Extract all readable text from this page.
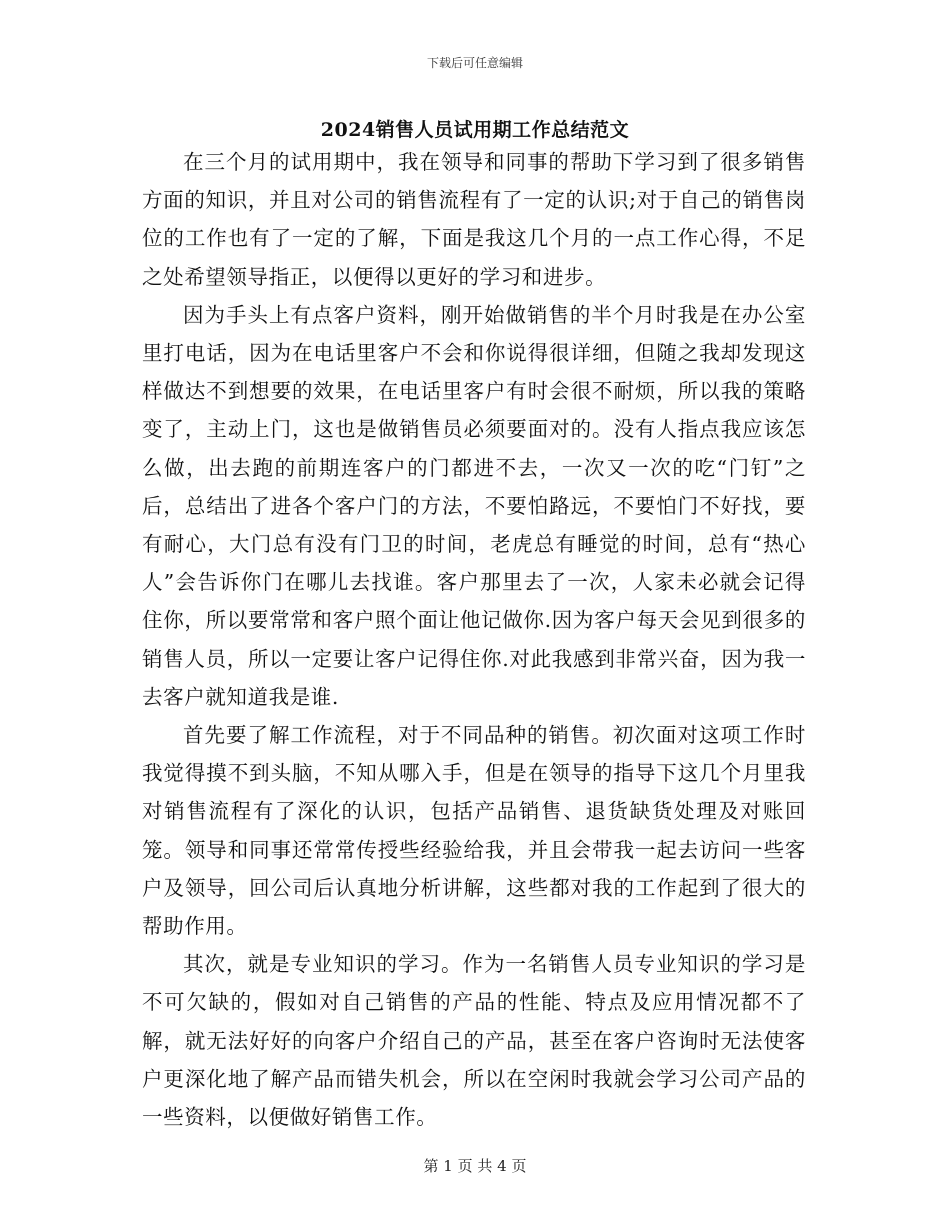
下载后可任意编辑
2024销售人员试用期工作总结范文

在三个月的试用期中，我在领导和同事的帮助下学习到了很多销售方面的知识，并且对公司的销售流程有了一定的认识;对于自己的销售岗位的工作也有了一定的了解，下面是我这几个月的一点工作心得，不足之处希望领导指正，以便得以更好的学习和进步。

因为手头上有点客户资料，刚开始做销售的半个月时我是在办公室里打电话，因为在电话里客户不会和你说得很详细，但随之我却发现这样做达不到想要的效果，在电话里客户有时会很不耐烦，所以我的策略变了，主动上门，这也是做销售员必须要面对的。没有人指点我应该怎么做，出去跑的前期连客户的门都进不去，一次又一次的吃“门钉”之后，总结出了进各个客户门的方法，不要怕路远，不要怕门不好找，要有耐心，大门总有没有门卫的时间，老虎总有睡觉的时间，总有“热心人”会告诉你门在哪儿去找谁。客户那里去了一次，人家未必就会记得住你，所以要常常和客户照个面让他记做你.因为客户每天会见到很多的销售人员，所以一定要让客户记得住你.对此我感到非常兴奋，因为我一去客户就知道我是谁.

首先要了解工作流程，对于不同品种的销售。初次面对这项工作时我觉得摸不到头脑，不知从哪入手，但是在领导的指导下这几个月里我对销售流程有了深化的认识，包括产品销售、退货缺货处理及对账回笼。领导和同事还常常传授些经验给我，并且会带我一起去访问一些客户及领导，回公司后认真地分析讲解，这些都对我的工作起到了很大的帮助作用。

其次，就是专业知识的学习。作为一名销售人员专业知识的学习是不可欠缺的，假如对自己销售的产品的性能、特点及应用情况都不了解，就无法好好的向客户介绍自己的产品，甚至在客户咨询时无法使客户更深化地了解产品而错失机会，所以在空闲时我就会学习公司产品的一些资料，以便做好销售工作。

第 1 页 共 4 页
